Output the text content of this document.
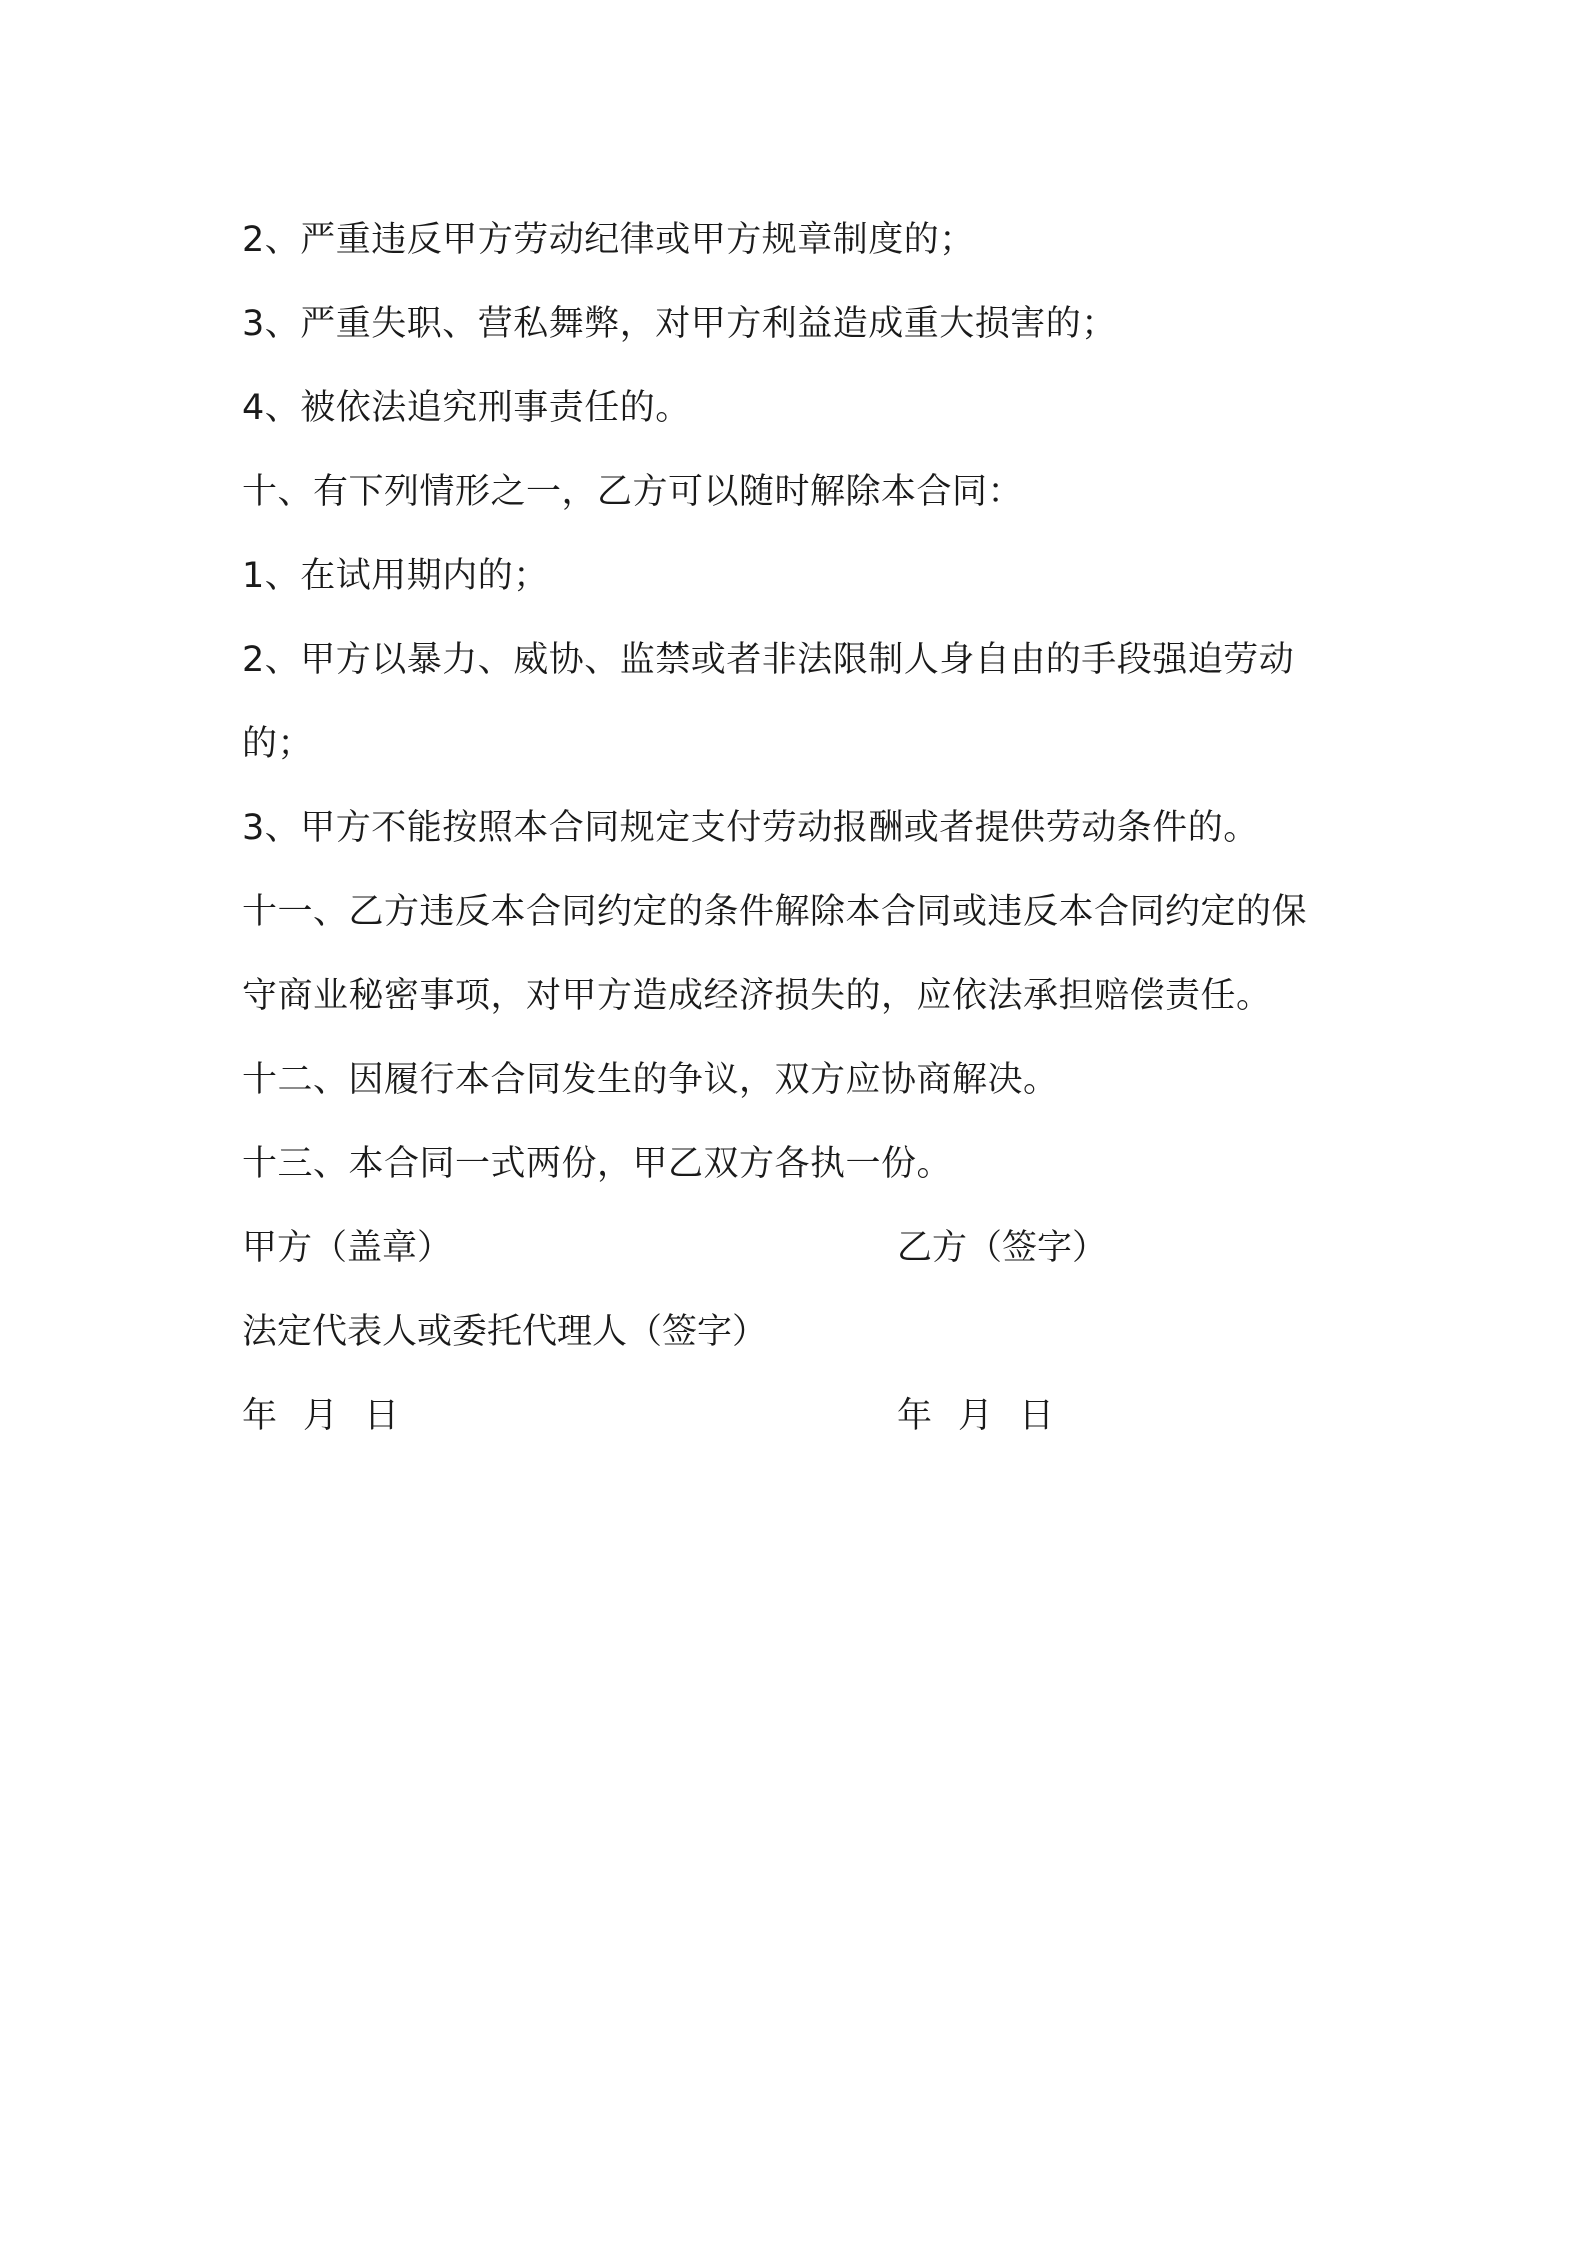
2、严重违反甲方劳动纪律或甲方规章制度的；
3、严重失职、营私舞弊，对甲方利益造成重大损害的；
4、被依法追究刑事责任的。
十、有下列情形之一，乙方可以随时解除本合同：
1、在试用期内的；
2、甲方以暴力、威协、监禁或者非法限制人身自由的手段强迫劳动
的；
3、甲方不能按照本合同规定支付劳动报酬或者提供劳动条件的。
十一、乙方违反本合同约定的条件解除本合同或违反本合同约定的保
守商业秘密事项，对甲方造成经济损失的，应依法承担赔偿责任。
十二、因履行本合同发生的争议，双方应协商解决。
十三、本合同一式两份，甲乙双方各执一份。
甲方（盖章）	乙方（签字）
法定代表人或委托代理人（签字）
年 月 日	年 月 日
